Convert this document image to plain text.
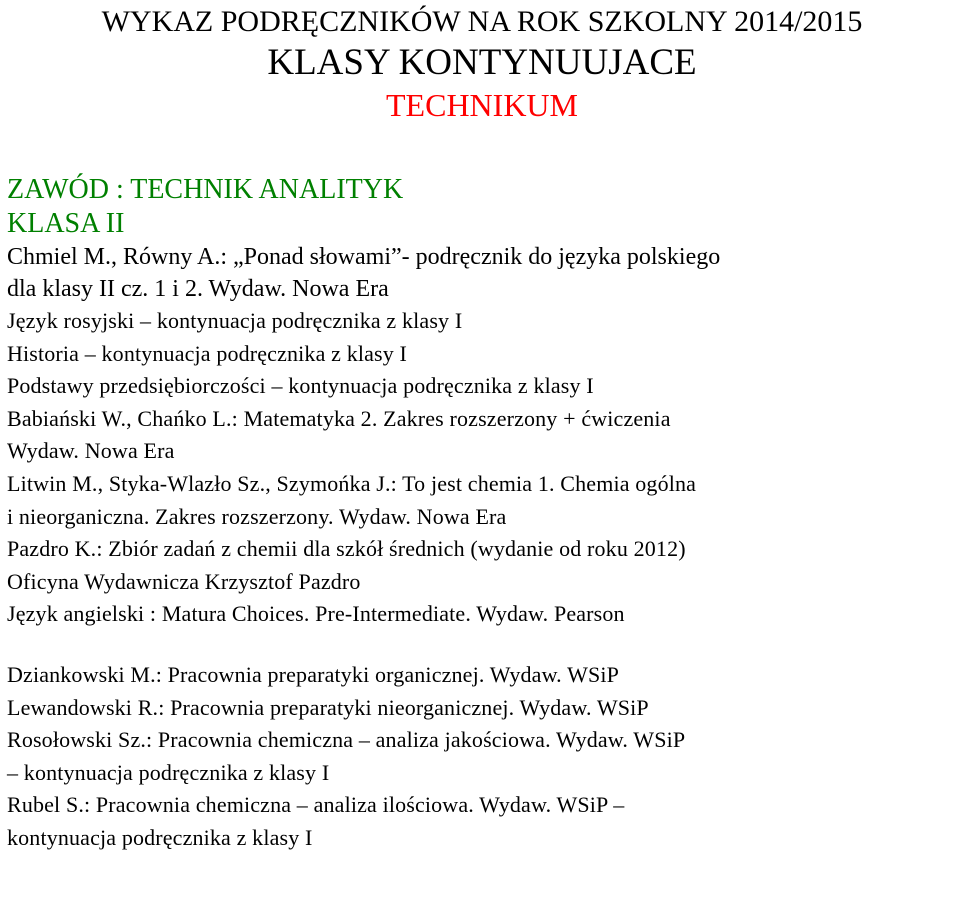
WYKAZ PODRĘCZNIKÓW NA ROK SZKOLNY 2014/2015
KLASY KONTYNUUJACE
TECHNIKUM
ZAWÓD : TECHNIK ANALITYK
KLASA II
Chmiel M., Równy A.: „Ponad słowami”- podręcznik do języka polskiego
dla klasy II cz. 1 i 2. Wydaw. Nowa Era
Język rosyjski – kontynuacja podręcznika z klasy I
Historia – kontynuacja podręcznika z klasy I
Podstawy przedsiębiorczości – kontynuacja podręcznika z klasy I
Babiański W., Chańko L.: Matematyka 2. Zakres rozszerzony + ćwiczenia
Wydaw. Nowa Era
Litwin M., Styka-Wlazło Sz., Szymońka J.: To jest chemia 1. Chemia ogólna
i nieorganiczna. Zakres rozszerzony. Wydaw. Nowa Era
Pazdro K.: Zbiór zadań z chemii dla szkół średnich (wydanie od roku 2012)
Oficyna Wydawnicza Krzysztof Pazdro
Język angielski : Matura Choices. Pre-Intermediate. Wydaw. Pearson
Dziankowski M.: Pracownia preparatyki organicznej. Wydaw. WSiP
Lewandowski R.: Pracownia preparatyki nieorganicznej. Wydaw. WSiP
Rosołowski Sz.: Pracownia chemiczna – analiza jakościowa. Wydaw. WSiP
– kontynuacja podręcznika z klasy I
Rubel S.: Pracownia chemiczna – analiza ilościowa. Wydaw. WSiP –
kontynuacja podręcznika z klasy I
